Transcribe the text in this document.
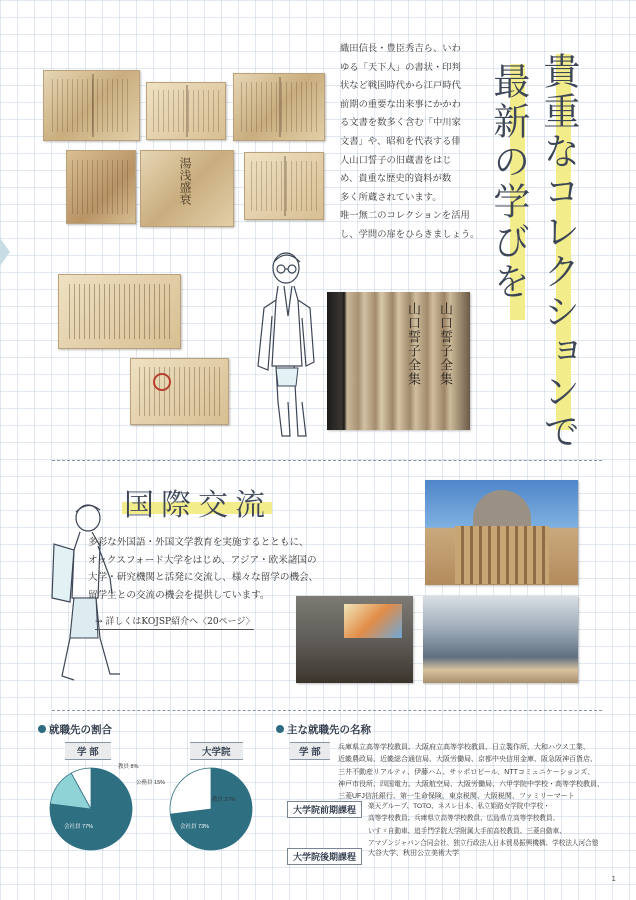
湯浅盛衰
織田信長・豊臣秀吉ら、いわ
ゆる「天下人」の書状・印判
状など戦国時代から江戸時代
前期の重要な出来事にかかわ
る文書を数多く含む「中川家
文書」や、昭和を代表する俳
人山口誓子の旧蔵書をはじ
め、貴重な歴史的資料が数
多く所蔵されています。
唯一無二のコレクションを活用
し、学問の扉をひらきましょう。 貴重なコレクションで
最新の学びを
山口誓子全集 山口誓子全集
国際交流
多彩な外国語・外国文学教育を実施するとともに、
オックスフォード大学をはじめ、アジア・欧米諸国の
大学・研究機関と活発に交流し、様々な留学の機会、
留学生との交流の機会を提供しています。
→ 詳しくはKOJSP紹介へ〈20ページ〉
就職先の割合
学 部	大学院
教員 8%
公務員 15%
会社員 77%
教員 27%
会社員 73%
主な就職先の名称
学 部	兵庫県立高等学校教員、大阪府立高等学校教員、日立製作所、大和ハウス工業、
近畿農政局、近畿総合通信局、大阪労働局、京都中央信用金庫、阪急阪神百貨店、
三井不動産リアルティ、伊藤ハム、サッポロビール、NTTコミュニケーションズ、
神戸市役所、四国電力、大阪航空局、大阪労働局、六甲学院中学校・高等学校教員、
三菱UFJ信託銀行、第一生命保険、東京税関、大阪税関、ファミリーマート
大学院前期課程	楽天グループ、TOTO、ネスレ日本、私立姫路女学院中学校・
高等学校教員、兵庫県立高等学校教員、広島県立高等学校教員、
いすゞ自動車、追手門学院大学附属大手前高校教員、三菱自動車、
アマゾンジャパン合同会社、独立行政法人日本貿易振興機構、学校法人河合塾
大学院後期課程	大谷大学、秋田公立美術大学
1
